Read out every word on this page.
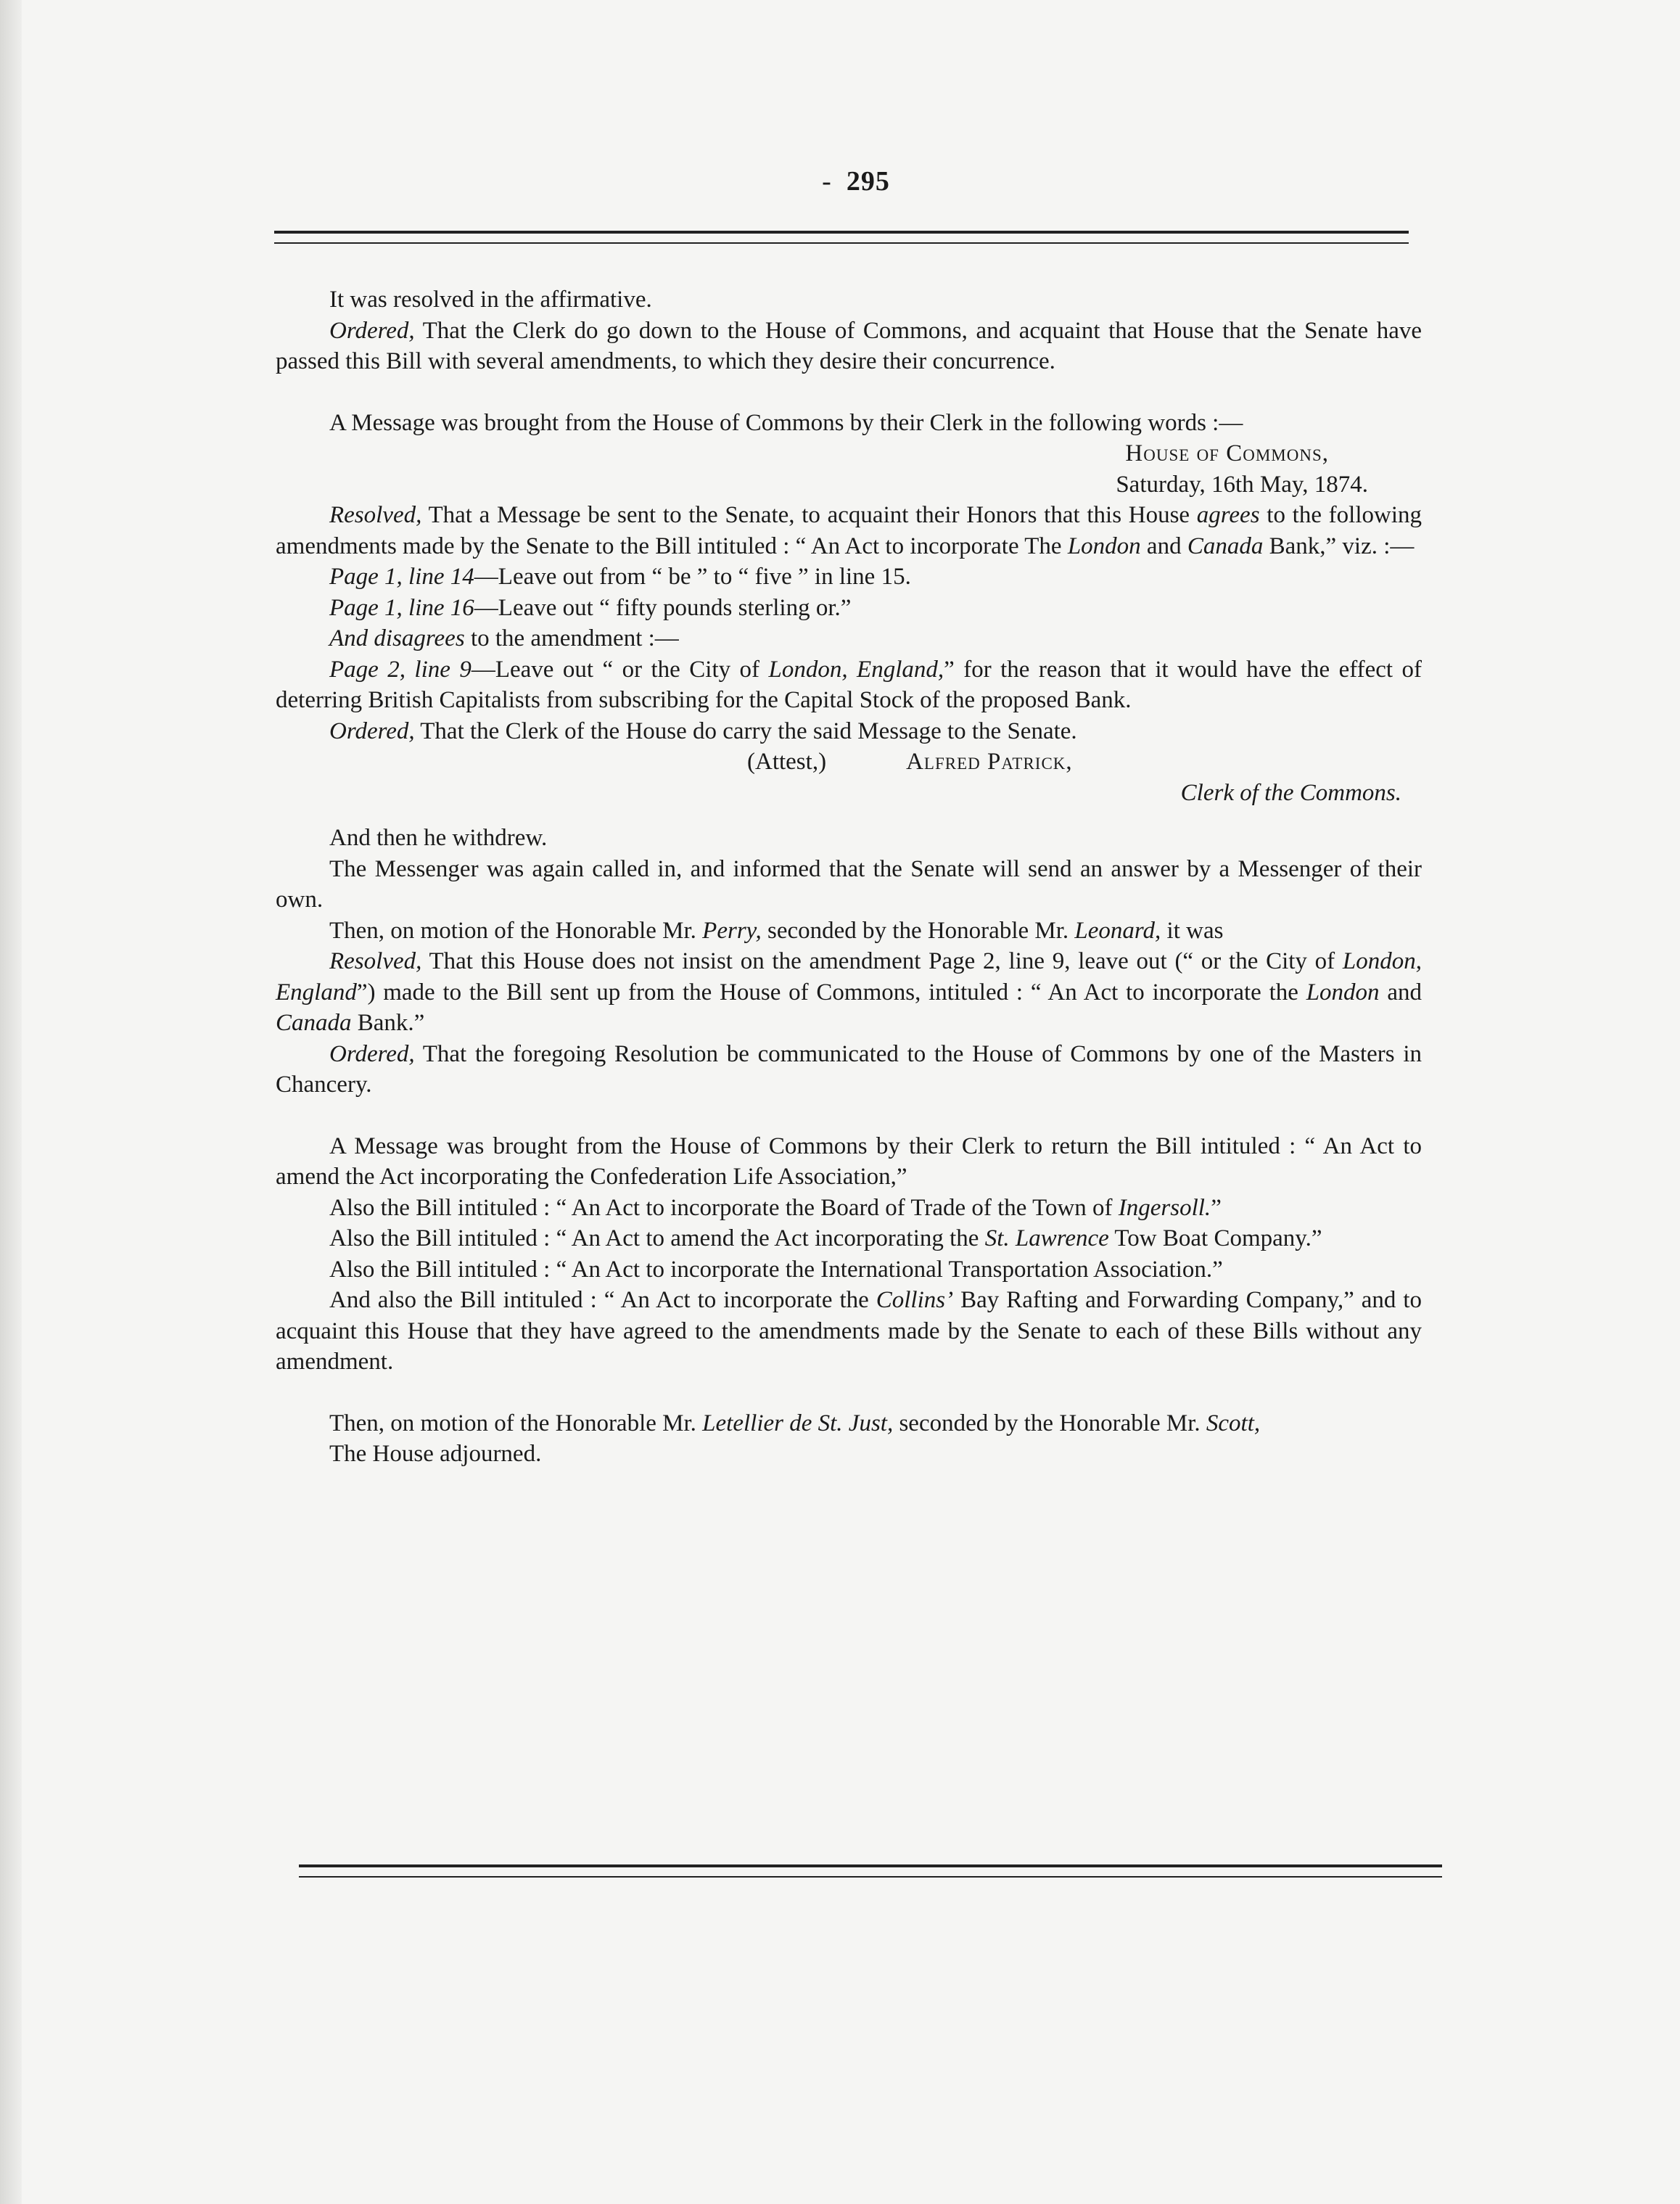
- 295

It was resolved in the affirmative.

Ordered, That the Clerk do go down to the House of Commons, and acquaint that House that the Senate have passed this Bill with several amendments, to which they desire their concurrence.

A Message was brought from the House of Commons by their Clerk in the following words :—

House of Commons,

Saturday, 16th May, 1874.

Resolved, That a Message be sent to the Senate, to acquaint their Honors that this House agrees to the following amendments made by the Senate to the Bill intituled : “ An Act to incorporate The London and Canada Bank,” viz. :—

Page 1, line 14—Leave out from “ be ” to “ five ” in line 15.

Page 1, line 16—Leave out “ fifty pounds sterling or.”

And disagrees to the amendment :—

Page 2, line 9—Leave out “ or the City of London, England,” for the reason that it would have the effect of deterring British Capitalists from subscribing for the Capital Stock of the proposed Bank.

Ordered, That the Clerk of the House do carry the said Message to the Senate.

(Attest,)	Alfred Patrick,

Clerk of the Commons.

And then he withdrew.

The Messenger was again called in, and informed that the Senate will send an answer by a Messenger of their own.

Then, on motion of the Honorable Mr. Perry, seconded by the Honorable Mr. Leonard, it was

Resolved, That this House does not insist on the amendment Page 2, line 9, leave out (“ or the City of London, England”) made to the Bill sent up from the House of Commons, intituled : “ An Act to incorporate the London and Canada Bank.”

Ordered, That the foregoing Resolution be communicated to the House of Commons by one of the Masters in Chancery.

A Message was brought from the House of Commons by their Clerk to return the Bill intituled : “ An Act to amend the Act incorporating the Confederation Life Association,”

Also the Bill intituled : “ An Act to incorporate the Board of Trade of the Town of Ingersoll.”

Also the Bill intituled : “ An Act to amend the Act incorporating the St. Lawrence Tow Boat Company.”

Also the Bill intituled : “ An Act to incorporate the International Transportation Association.”

And also the Bill intituled : “ An Act to incorporate the Collins’ Bay Rafting and Forwarding Company,” and to acquaint this House that they have agreed to the amendments made by the Senate to each of these Bills without any amendment.

Then, on motion of the Honorable Mr. Letellier de St. Just, seconded by the Honorable Mr. Scott,

The House adjourned.
